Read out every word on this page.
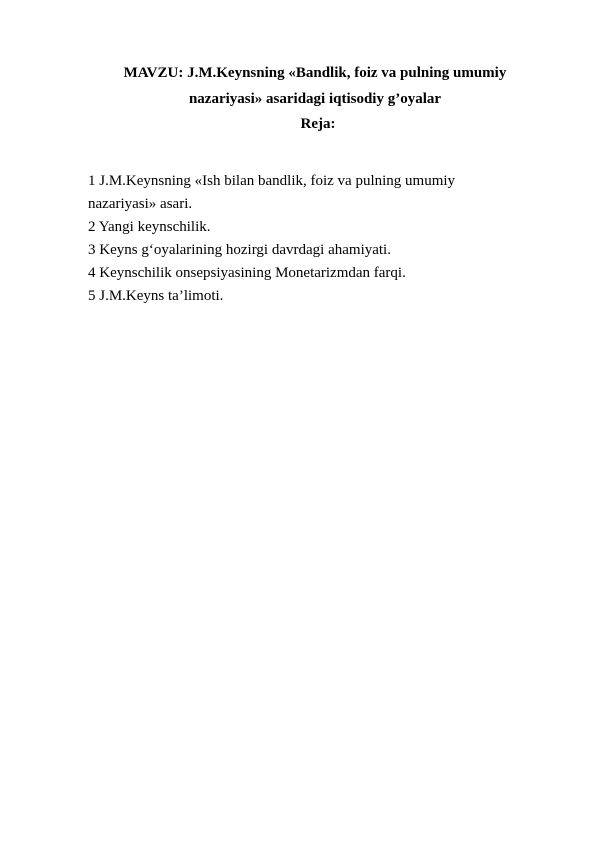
MAVZU: J.M.Keynsning «Bandlik, foiz va pulning umumiy
nazariyasi» asaridagi iqtisodiy g’oyalar
Reja:
1 J.M.Keynsning «Ish bilan bandlik, foiz va pulning umumiy
nazariyasi» asari.
2 Yangi keynschilik.
3 Keyns g‘oyalarining hozirgi davrdagi ahamiyati.
4 Keynschilik onsepsiyasining Monetarizmdan farqi.
5 J.M.Keyns ta’limoti.
